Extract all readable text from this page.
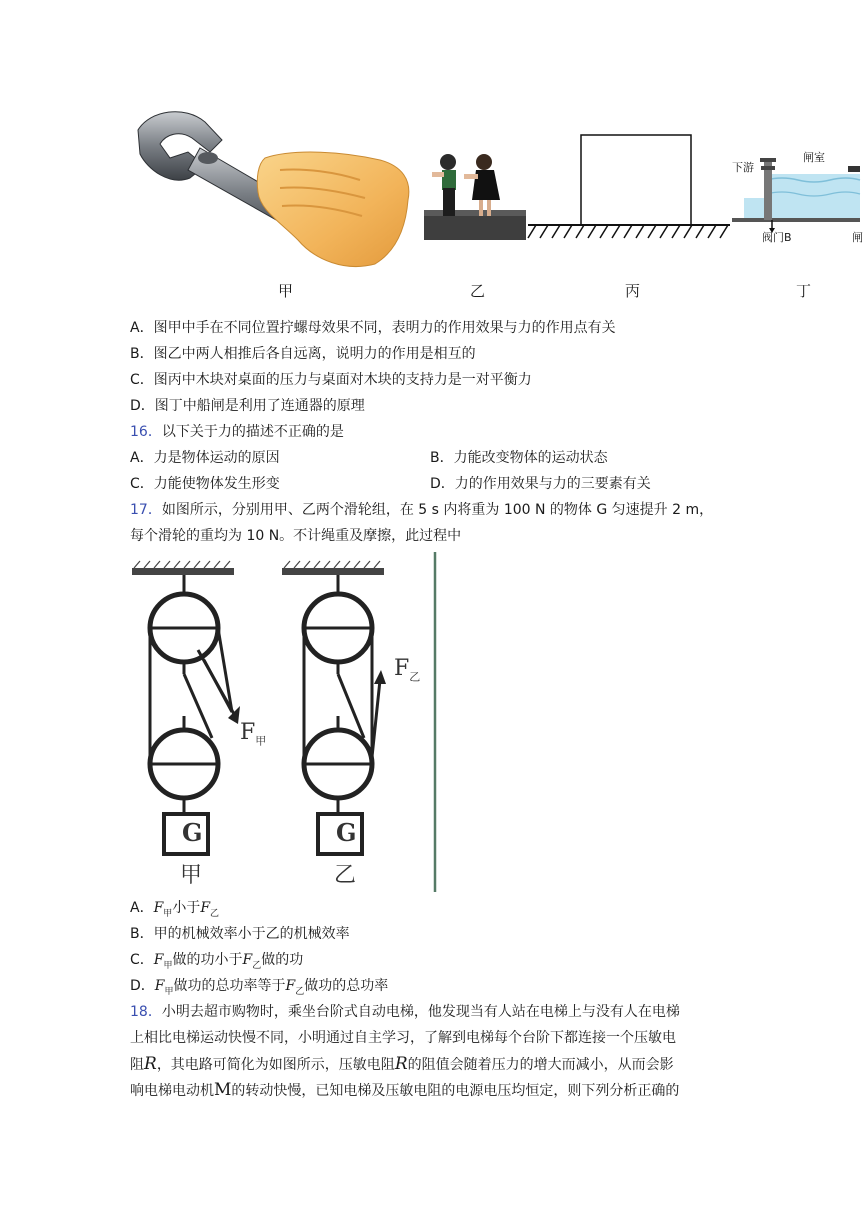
下游
闸室
阀门B	闸
甲	乙	丙	丁
A．图甲中手在不同位置拧螺母效果不同，表明力的作用效果与力的作用点有关
B．图乙中两人相推后各自远离，说明力的作用是相互的
C．图丙中木块对桌面的压力与桌面对木块的支持力是一对平衡力
D．图丁中船闸是利用了连通器的原理
16．以下关于力的描述不正确的是
A．力是物体运动的原因	B．力能改变物体的运动状态
C．力能使物体发生形变	D．力的作用效果与力的三要素有关
17．如图所示，分别用甲、乙两个滑轮组，在 5 s 内将重为 100 N 的物体 G 匀速提升 2 m，
每个滑轮的重均为 10 N。不计绳重及摩擦，此过程中
$F_甲$
$F_乙$
G	G
甲	乙
A．$F_甲$小于$F_乙$
B．甲的机械效率小于乙的机械效率
C．$F_甲$做的功小于$F_乙$做的功
D．$F_甲$做功的总功率等于$F_乙$做功的总功率
18．小明去超市购物时，乘坐台阶式自动电梯，他发现当有人站在电梯上与没有人在电梯
上相比电梯运动快慢不同，小明通过自主学习，了解到电梯每个台阶下都连接一个压敏电
阻R，其电路可简化为如图所示，压敏电阻R的阻值会随着压力的增大而减小，从而会影
响电梯电动机M的转动快慢，已知电梯及压敏电阻的电源电压均恒定，则下列分析正确的
